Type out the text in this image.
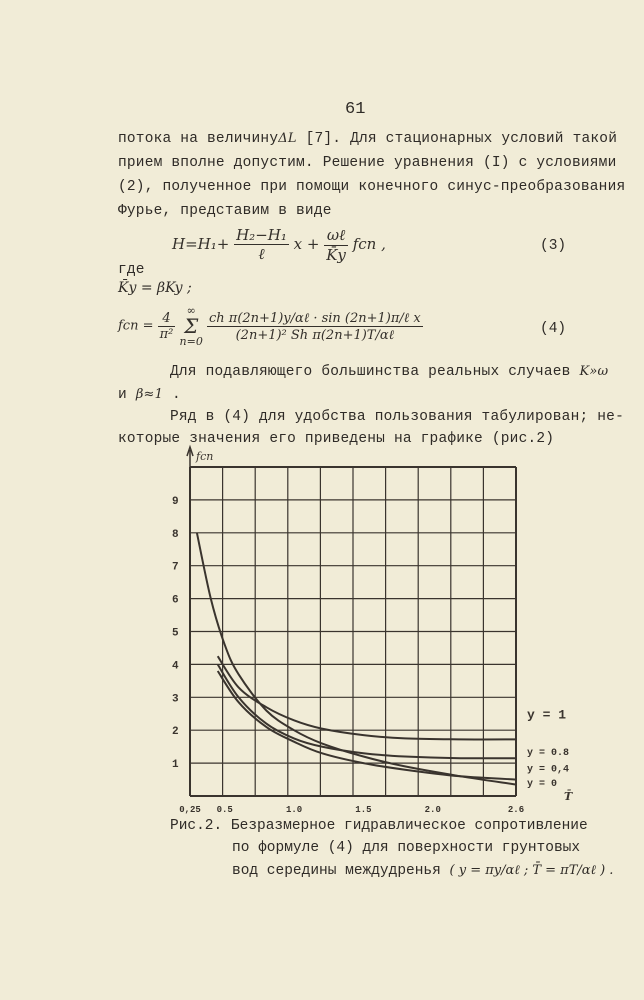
61
потока на величинуΔL [7]. Для стационарных условий такой
прием вполне допустим. Решение уравнения (I) с условиями
(2), полученное при помощи конечного синус-преобразования
Фурье, представим в виде
$H=H_1+ \frac{\text{H₂−H₁}}{\text{ℓ}}$ $x + \frac{\text{ωℓ}}{K̄y}$ fcn ,	(3)
где
K̄y = βKy ;
fcn = $\frac{4}{\text{π²}}$
	∞
Σ
n=0
$\frac{\text{ch π(2n+1)y/αℓ · sin (2n+1)π/ℓ x}}{\text{(2n+1)² Sh π(2n+1)T/αℓ}}$	(4)
Для подавляющего большинства реальных случаев K»ω
и β≈1 .
Ряд в (4) для удобства пользования табулирован; не-
которые значения его приведены на графике (рис.2)
fcn
1
2
3
4
5
6
7
8
9
0,25 0.5	1.0	1.5	2.0	2.6
y = 1
y = 0.8
y = 0,4
y = 0
T̄
Рис.2. Безразмерное гидравлическое сопротивление
по формуле (4) для поверхности грунтовых
вод середины междудренья ( y = πy/αℓ ; T̄ = πT/αℓ ) .
